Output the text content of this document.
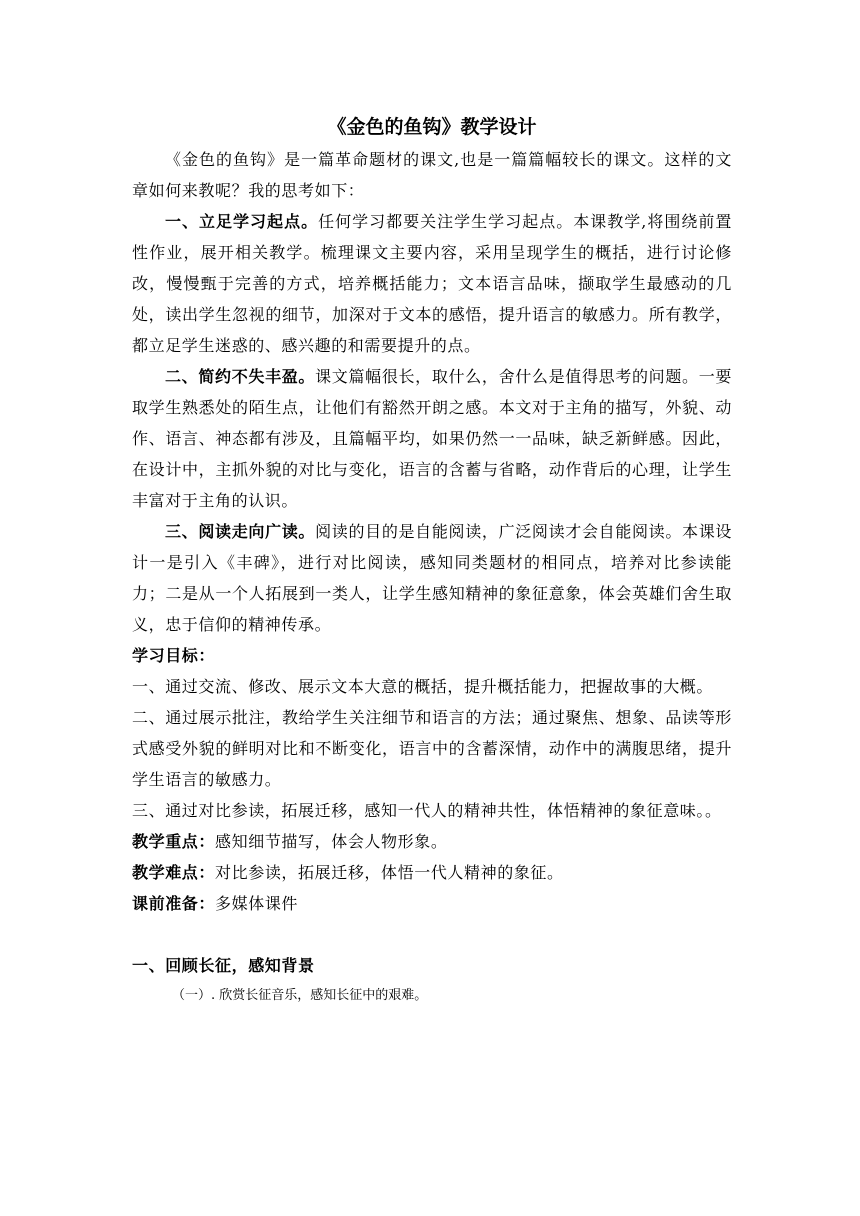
《金色的鱼钩》教学设计

《金色的鱼钩》是一篇革命题材的课文,也是一篇篇幅较长的课文。这样的文章如何来教呢？我的思考如下：

一、立足学习起点。任何学习都要关注学生学习起点。本课教学,将围绕前置性作业，展开相关教学。梳理课文主要内容，采用呈现学生的概括，进行讨论修改，慢慢甄于完善的方式，培养概括能力；文本语言品味，撷取学生最感动的几处，读出学生忽视的细节，加深对于文本的感悟，提升语言的敏感力。所有教学，都立足学生迷惑的、感兴趣的和需要提升的点。

二、简约不失丰盈。课文篇幅很长，取什么，舍什么是值得思考的问题。一要取学生熟悉处的陌生点，让他们有豁然开朗之感。本文对于主角的描写，外貌、动作、语言、神态都有涉及，且篇幅平均，如果仍然一一品味，缺乏新鲜感。因此，在设计中，主抓外貌的对比与变化，语言的含蓄与省略，动作背后的心理，让学生丰富对于主角的认识。

三、阅读走向广读。阅读的目的是自能阅读，广泛阅读才会自能阅读。本课设计一是引入《丰碑》，进行对比阅读，感知同类题材的相同点，培养对比参读能力；二是从一个人拓展到一类人，让学生感知精神的象征意象，体会英雄们舍生取义，忠于信仰的精神传承。

学习目标：

一、通过交流、修改、展示文本大意的概括，提升概括能力，把握故事的大概。

二、通过展示批注，教给学生关注细节和语言的方法；通过聚焦、想象、品读等形式感受外貌的鲜明对比和不断变化，语言中的含蓄深情，动作中的满腹思绪，提升学生语言的敏感力。

三、通过对比参读，拓展迁移，感知一代人的精神共性，体悟精神的象征意味。。

教学重点：感知细节描写，体会人物形象。

教学难点：对比参读，拓展迁移，体悟一代人精神的象征。

课前准备：多媒体课件

一、回顾长征，感知背景

（一）. 欣赏长征音乐，感知长征中的艰难。
